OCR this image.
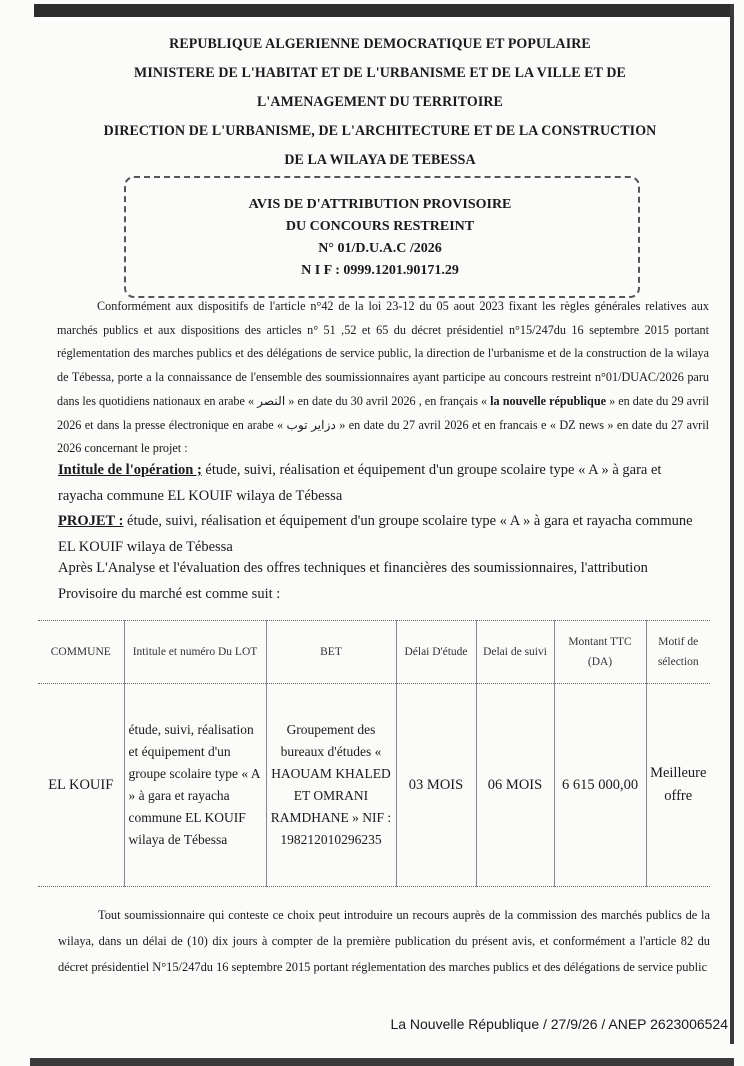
REPUBLIQUE ALGERIENNE DEMOCRATIQUE ET POPULAIRE
MINISTERE DE L'HABITAT ET DE L'URBANISME ET DE LA VILLE ET DE
L'AMENAGEMENT DU TERRITOIRE
DIRECTION DE L'URBANISME, DE L'ARCHITECTURE ET DE LA CONSTRUCTION
DE LA WILAYA DE TEBESSA
AVIS DE D'ATTRIBUTION PROVISOIRE
DU CONCOURS RESTREINT
N° 01/D.U.A.C /2026
N I F : 0999.1201.90171.29
Conformément aux dispositifs de l'article n°42 de la loi 23-12 du 05 aout 2023 fixant les règles générales relatives aux marchés publics et aux dispositions des articles n° 51 ,52 et 65 du décret présidentiel n°15/247du 16 septembre 2015 portant réglementation des marches publics et des délégations de service public, la direction de l'urbanisme et de la construction de la wilaya de Tébessa, porte a la connaissance de l'ensemble des soumissionnaires ayant participe au concours restreint n°01/DUAC/2026 paru dans les quotidiens nationaux en arabe « النصر » en date du 30 avril 2026 , en français « la nouvelle république » en date du 29 avril 2026 et dans la presse électronique en arabe « دزاير توب » en date du 27 avril 2026 et en francais e « DZ news » en date du 27 avril 2026 concernant le projet :
Intitule de l'opération ; étude, suivi, réalisation et équipement d'un groupe scolaire type « A » à gara et rayacha commune EL KOUIF wilaya de Tébessa
PROJET : étude, suivi, réalisation et équipement d'un groupe scolaire type « A » à gara et rayacha commune EL KOUIF wilaya de Tébessa
Après L'Analyse et l'évaluation des offres techniques et financières des soumissionnaires, l'attribution Provisoire du marché est comme suit :
COMMUNE	Intitule et numéro Du LOT	BET	Délai D'étude	Delai de suivi	Montant TTC (DA)	Motif de sélection
EL KOUIF	étude, suivi, réalisation et équipement d'un groupe scolaire type « A » à gara et rayacha commune EL KOUIF wilaya de Tébessa	Groupement des bureaux d'études « HAOUAM KHALED ET OMRANI RAMDHANE » NIF : 198212010296235	03 MOIS	06 MOIS	6 615 000,00	Meilleure offre
Tout soumissionnaire qui conteste ce choix peut introduire un recours auprès de la commission des marchés publics de la wilaya, dans un délai de (10) dix jours à compter de la première publication du présent avis, et conformément a l'article 82 du décret présidentiel N°15/247du 16 septembre 2015 portant réglementation des marches publics et des délégations de service public
La Nouvelle République / 27/9/26 / ANEP 2623006524
